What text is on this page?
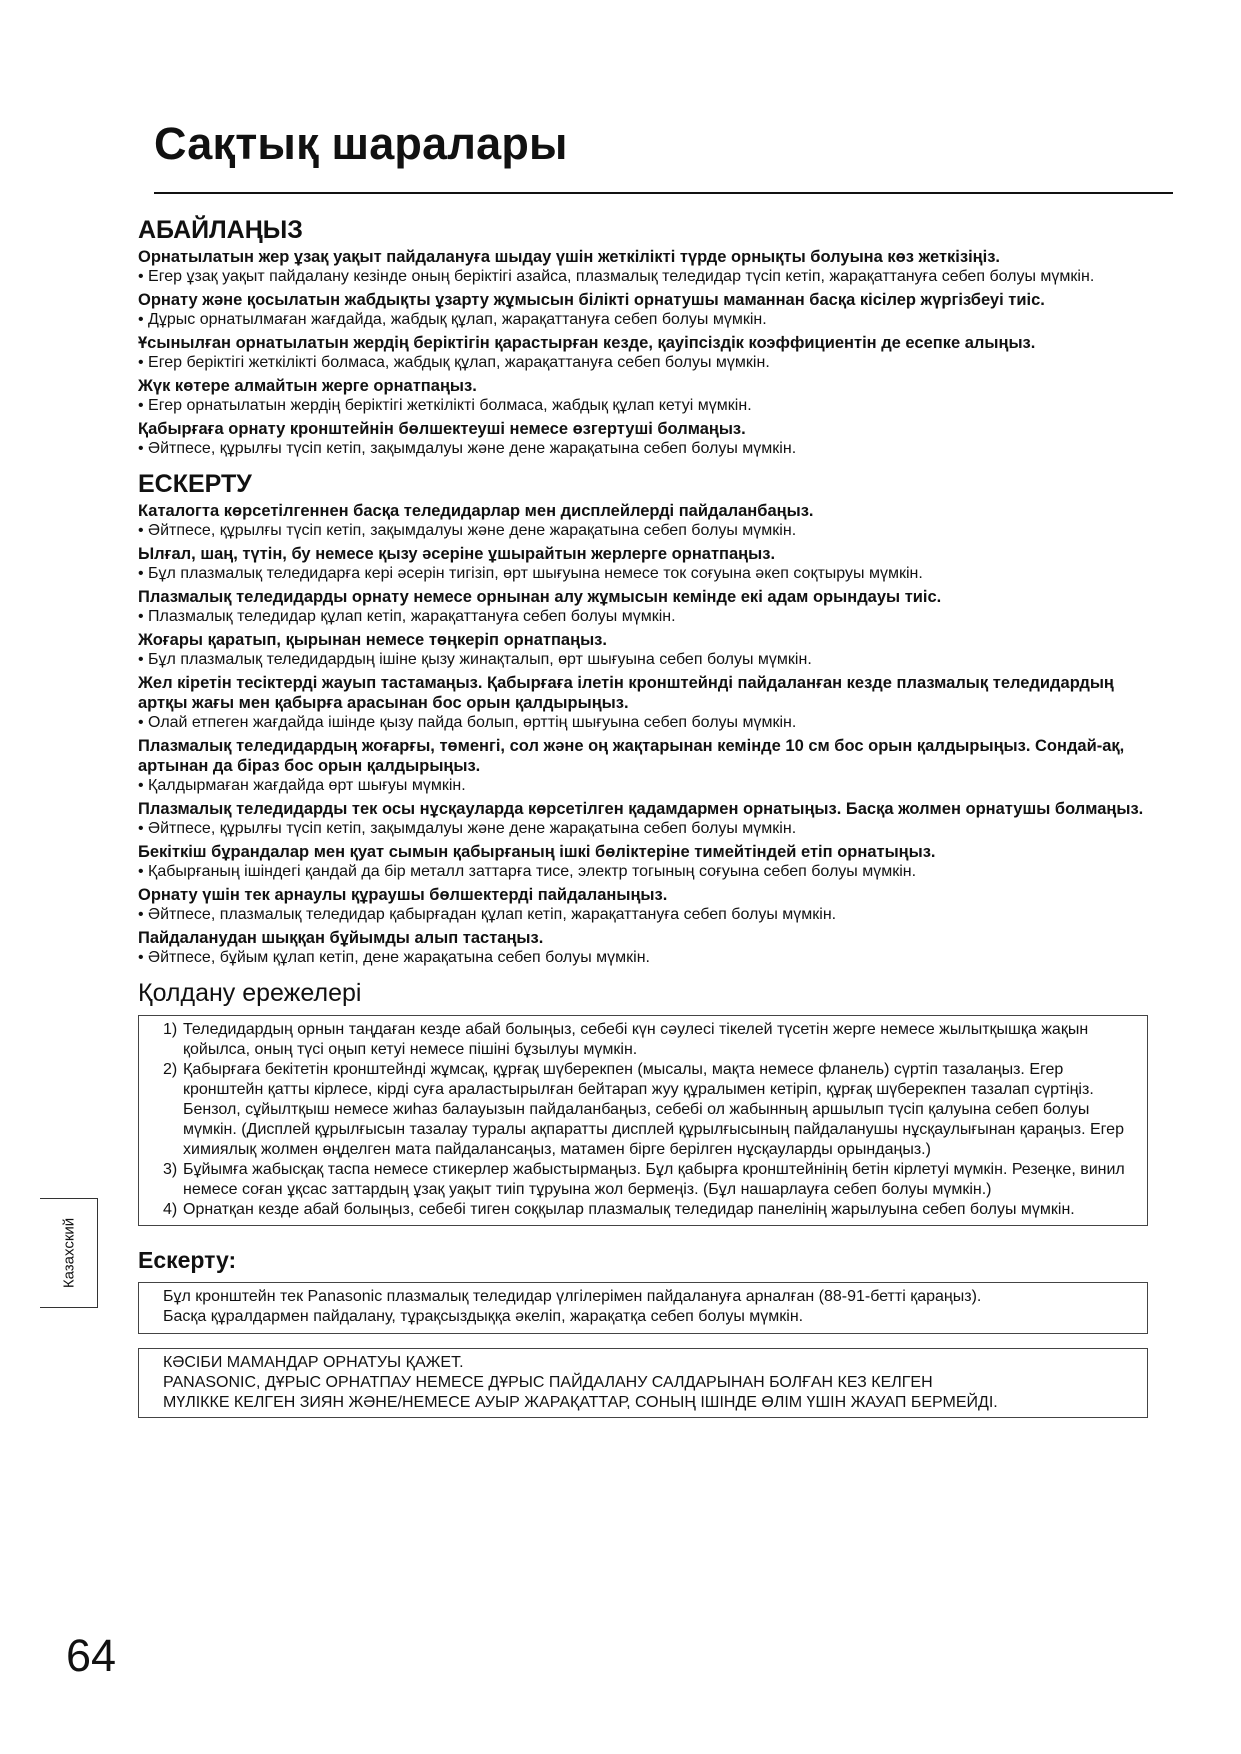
Сақтық шаралары
АБАЙЛАҢЫЗ

Орнатылатын жер ұзақ уақыт пайдалануға шыдау үшін жеткілікті түрде орнықты болуына көз жеткізіңіз.

• Егер ұзақ уақыт пайдалану кезінде оның беріктігі азайса, плазмалық теледидар түсіп кетіп, жарақаттануға себеп болуы мүмкін.

Орнату және қосылатын жабдықты ұзарту жұмысын білікті орнатушы маманнан басқа кісілер жүргізбеуі тиіс.

• Дұрыс орнатылмаған жағдайда, жабдық құлап, жарақаттануға себеп болуы мүмкін.

Ұсынылған орнатылатын жердің беріктігін қарастырған кезде, қауіпсіздік коэффициентін де есепке алыңыз.

• Егер беріктігі жеткілікті болмаса, жабдық құлап, жарақаттануға себеп болуы мүмкін.

Жүк көтере алмайтын жерге орнатпаңыз.

• Егер орнатылатын жердің беріктігі жеткілікті болмаса, жабдық құлап кетуі мүмкін.

Қабырғаға орнату кронштейнін бөлшектеуші немесе өзгертуші болмаңыз.

• Әйтпесе, құрылғы түсіп кетіп, зақымдалуы және дене жарақатына себеп болуы мүмкін.

ЕСКЕРТУ

Каталогта көрсетілгеннен басқа теледидарлар мен дисплейлерді пайдаланбаңыз.

• Әйтпесе, құрылғы түсіп кетіп, зақымдалуы және дене жарақатына себеп болуы мүмкін.

Ылғал, шаң, түтін, бу немесе қызу әсеріне ұшырайтын жерлерге орнатпаңыз.

• Бұл плазмалық теледидарға кері әсерін тигізіп, өрт шығуына немесе ток соғуына әкеп соқтыруы мүмкін.

Плазмалық теледидарды орнату немесе орнынан алу жұмысын кемінде екі адам орындауы тиіс.

• Плазмалық теледидар құлап кетіп, жарақаттануға себеп болуы мүмкін.

Жоғары қаратып, қырынан немесе төңкеріп орнатпаңыз.

• Бұл плазмалық теледидардың ішіне қызу жинақталып, өрт шығуына себеп болуы мүмкін.

Жел кіретін тесіктерді жауып тастамаңыз. Қабырғаға ілетін кронштейнді пайдаланған кезде плазмалық теледидардың артқы жағы мен қабырға арасынан бос орын қалдырыңыз.

• Олай етпеген жағдайда ішінде қызу пайда болып, өрттің шығуына себеп болуы мүмкін.

Плазмалық теледидардың жоғарғы, төменгі, сол және оң жақтарынан кемінде 10 см бос орын қалдырыңыз. Сондай-ақ, артынан да біраз бос орын қалдырыңыз.

• Қалдырмаған жағдайда өрт шығуы мүмкін.

Плазмалық теледидарды тек осы нұсқауларда көрсетілген қадамдармен орнатыңыз. Басқа жолмен орнатушы болмаңыз.

• Әйтпесе, құрылғы түсіп кетіп, зақымдалуы және дене жарақатына себеп болуы мүмкін.

Бекіткіш бұрандалар мен қуат сымын қабырғаның ішкі бөліктеріне тимейтіндей етіп орнатыңыз.

• Қабырғаның ішіндегі қандай да бір металл заттарға тисе, электр тогының соғуына себеп болуы мүмкін.

Орнату үшін тек арнаулы құраушы бөлшектерді пайдаланыңыз.

• Әйтпесе, плазмалық теледидар қабырғадан құлап кетіп, жарақаттануға себеп болуы мүмкін.

Пайдаланудан шыққан бұйымды алып тастаңыз.

• Әйтпесе, бұйым құлап кетіп, дене жарақатына себеп болуы мүмкін.

Қолдану ережелері
1) Теледидардың орнын таңдаған кезде абай болыңыз, себебі күн сәулесі тікелей түсетін жерге немесе жылытқышқа жақын қойылса, оның түсі оңып кетуі немесе пішіні бұзылуы мүмкін.
2) Қабырғаға бекітетін кронштейнді жұмсақ, құрғақ шүберекпен (мысалы, мақта немесе фланель) сүртіп тазалаңыз. Егер кронштейн қатты кірлесе, кірді суға араластырылған бейтарап жуу құралымен кетіріп, құрғақ шүберекпен тазалап сүртіңіз. Бензол, сұйылтқыш немесе жиһаз балауызын пайдаланбаңыз, себебі ол жабынның аршылып түсіп қалуына себеп болуы мүмкін. (Дисплей құрылғысын тазалау туралы ақпаратты дисплей құрылғысының пайдаланушы нұсқаулығынан қараңыз. Егер химиялық жолмен өңделген мата пайдалансаңыз, матамен бірге берілген нұсқауларды орындаңыз.)
3) Бұйымға жабысқақ таспа немесе стикерлер жабыстырмаңыз. Бұл қабырға кронштейнінің бетін кірлетуі мүмкін. Резеңке, винил немесе соған ұқсас заттардың ұзақ уақыт тиіп тұруына жол бермеңіз. (Бұл нашарлауға себеп болуы мүмкін.)
4) Орнатқан кезде абай болыңыз, себебі тиген соққылар плазмалық теледидар панелінің жарылуына себеп болуы мүмкін.
Ескерту:
Бұл кронштейн тек Panasonic плазмалық теледидар үлгілерімен пайдалануға арналған (88-91-бетті қараңыз).
Басқа құралдармен пайдалану, тұрақсыздыққа әкеліп, жарақатқа себеп болуы мүмкін.
КӘСІБИ МАМАНДАР ОРНАТУЫ ҚАЖЕТ.
PANASONIC, ДҰРЫС ОРНАТПАУ НЕМЕСЕ ДҰРЫС ПАЙДАЛАНУ САЛДАРЫНАН БОЛҒАН КЕЗ КЕЛГЕН
МҮЛІККЕ КЕЛГЕН ЗИЯН ЖӘНЕ/НЕМЕСЕ АУЫР ЖАРАҚАТТАР, СОНЫҢ ІШІНДЕ ӨЛІМ ҮШІН ЖАУАП БЕРМЕЙДІ.
Казахский
64
